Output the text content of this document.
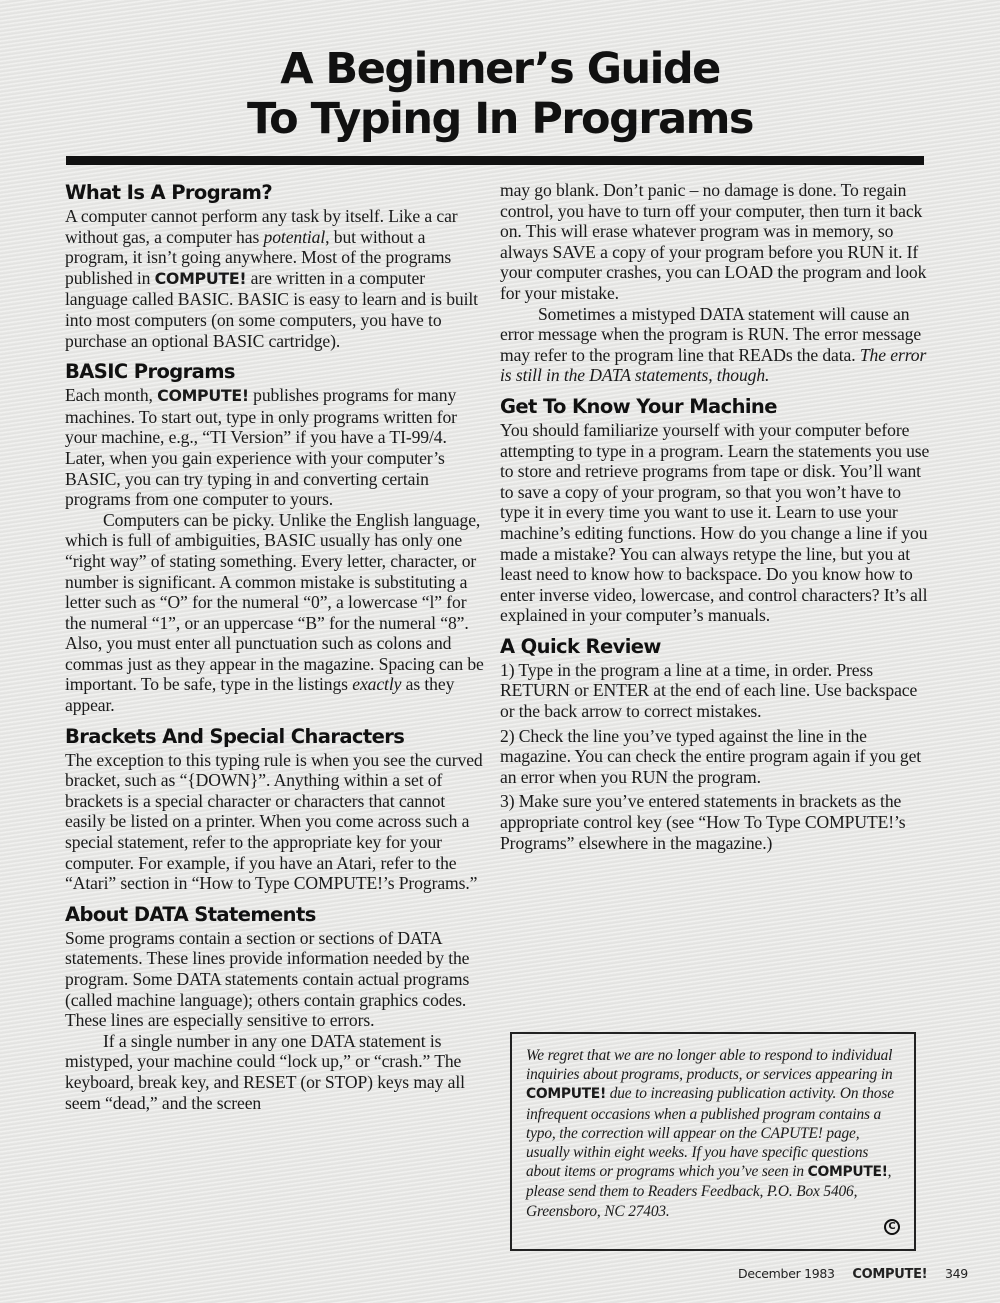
A Beginner’s Guide
To Typing In Programs
What Is A Program?

A computer cannot perform any task by itself. Like a car without gas, a computer has potential, but without a program, it isn’t going anywhere. Most of the programs published in COMPUTE! are written in a computer language called BASIC. BASIC is easy to learn and is built into most computers (on some computers, you have to purchase an optional BASIC cartridge).

BASIC Programs

Each month, COMPUTE! publishes programs for many machines. To start out, type in only programs written for your machine, e.g., “TI Version” if you have a TI-99/4. Later, when you gain experience with your computer’s BASIC, you can try typing in and converting certain programs from one computer to yours.

Computers can be picky. Unlike the English language, which is full of ambiguities, BASIC usually has only one “right way” of stating something. Every letter, character, or number is significant. A common mistake is substituting a letter such as “O” for the numeral “0”, a lowercase “l” for the numeral “1”, or an uppercase “B” for the numeral “8”. Also, you must enter all punctuation such as colons and commas just as they appear in the magazine. Spacing can be important. To be safe, type in the listings exactly as they appear.

Brackets And Special Characters

The exception to this typing rule is when you see the curved bracket, such as “{DOWN}”. Anything within a set of brackets is a special character or characters that cannot easily be listed on a printer. When you come across such a special statement, refer to the appropriate key for your computer. For example, if you have an Atari, refer to the “Atari” section in “How to Type COMPUTE!’s Programs.”

About DATA Statements

Some programs contain a section or sections of DATA statements. These lines provide information needed by the program. Some DATA statements contain actual programs (called machine language); others contain graphics codes. These lines are especially sensitive to errors.

If a single number in any one DATA statement is mistyped, your machine could “lock up,” or “crash.” The keyboard, break key, and RESET (or STOP) keys may all seem “dead,” and the screen

may go blank. Don’t panic – no damage is done. To regain control, you have to turn off your computer, then turn it back on. This will erase whatever program was in memory, so always SAVE a copy of your program before you RUN it. If your computer crashes, you can LOAD the program and look for your mistake.

Sometimes a mistyped DATA statement will cause an error message when the program is RUN. The error message may refer to the program line that READs the data. The error is still in the DATA statements, though.

Get To Know Your Machine

You should familiarize yourself with your computer before attempting to type in a program. Learn the statements you use to store and retrieve programs from tape or disk. You’ll want to save a copy of your program, so that you won’t have to type it in every time you want to use it. Learn to use your machine’s editing functions. How do you change a line if you made a mistake? You can always retype the line, but you at least need to know how to backspace. Do you know how to enter inverse video, lowercase, and control characters? It’s all explained in your computer’s manuals.

A Quick Review

1) Type in the program a line at a time, in order. Press RETURN or ENTER at the end of each line. Use backspace or the back arrow to correct mistakes.

2) Check the line you’ve typed against the line in the magazine. You can check the entire program again if you get an error when you RUN the program.

3) Make sure you’ve entered statements in brackets as the appropriate control key (see “How To Type COMPUTE!’s Programs” elsewhere in the magazine.)

We regret that we are no longer able to respond to individual inquiries about programs, products, or services appearing in COMPUTE! due to increasing publication activity. On those infrequent occasions when a published program contains a typo, the correction will appear on the CAPUTE! page, usually within eight weeks. If you have specific questions about items or programs which you’ve seen in COMPUTE!, please send them to Readers Feedback, P.O. Box 5406, Greensboro, NC 27403.

C
December 1983 COMPUTE! 349
